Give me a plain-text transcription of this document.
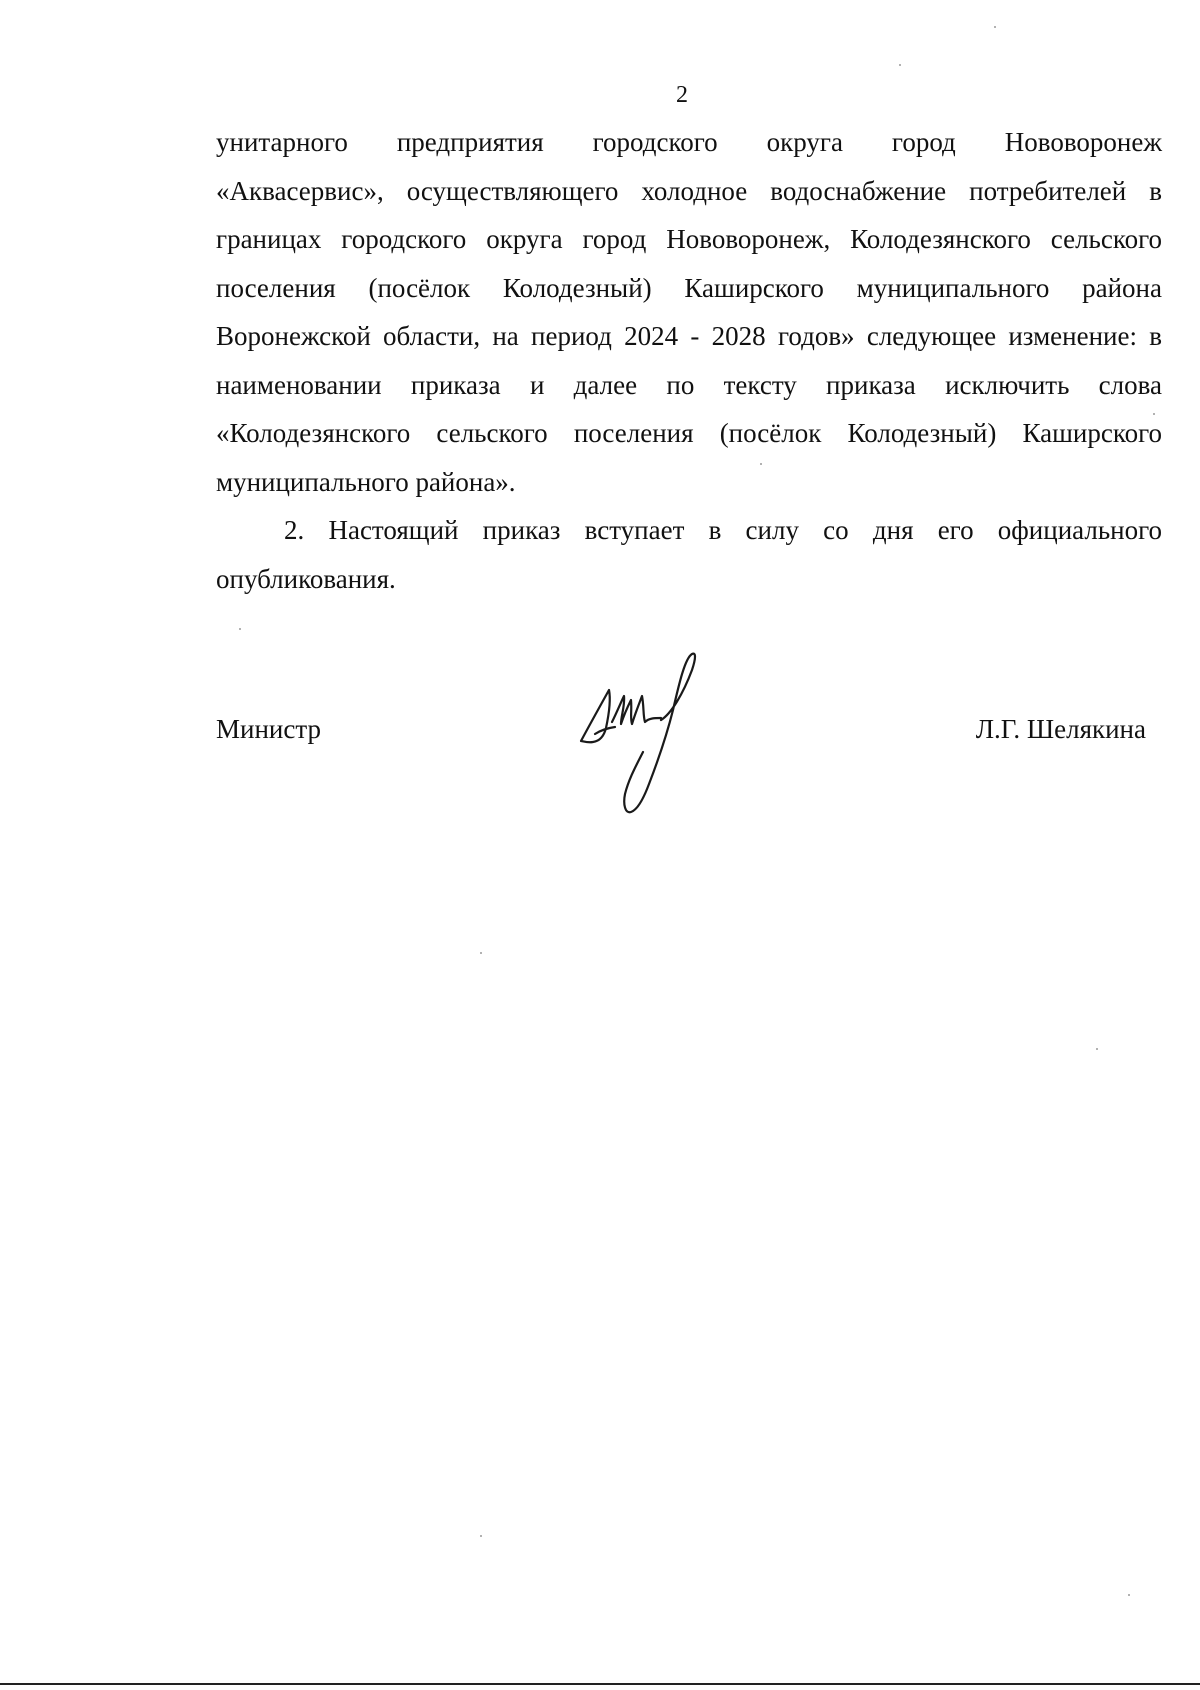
2
унитарного предприятия городского округа город Нововоронеж
«Аквасервис», осуществляющего холодное водоснабжение потребителей в
границах городского округа город Нововоронеж, Колодезянского сельского
поселения (посёлок Колодезный) Каширского муниципального района
Воронежской области, на период 2024 - 2028 годов» следующее изменение: в
наименовании приказа и далее по тексту приказа исключить слова
«Колодезянского сельского поселения (посёлок Колодезный) Каширского
муниципального района».
2. Настоящий приказ вступает в силу со дня его официального
опубликования.
Министр	Л.Г. Шелякина
